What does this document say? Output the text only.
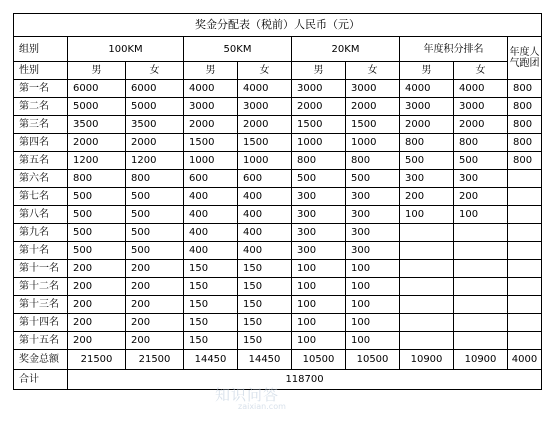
奖金分配表（税前）人民币（元）									
组别	100KM		50KM		20KM		年度积分排名		年度人气跑团
性别	男	女	男	女	男	女	男	女	
第一名	6000	6000	4000	4000	3000	3000	4000	4000	800
第二名	5000	5000	3000	3000	2000	2000	3000	3000	800
第三名	3500	3500	2000	2000	1500	1500	2000	2000	800
第四名	2000	2000	1500	1500	1000	1000	800	800	800
第五名	1200	1200	1000	1000	800	800	500	500	800
第六名	800	800	600	600	500	500	300	300	
第七名	500	500	400	400	300	300	200	200	
第八名	500	500	400	400	300	300	100	100	
第九名	500	500	400	400	300	300			
第十名	500	500	400	400	300	300			
第十一名	200	200	150	150	100	100			
第十二名	200	200	150	150	100	100			
第十三名	200	200	150	150	100	100			
第十四名	200	200	150	150	100	100			
第十五名	200	200	150	150	100	100			
奖金总额	21500	21500	14450	14450	10500	10500	10900	10900	4000
合计	118700								
知识问答
zaixian.com
